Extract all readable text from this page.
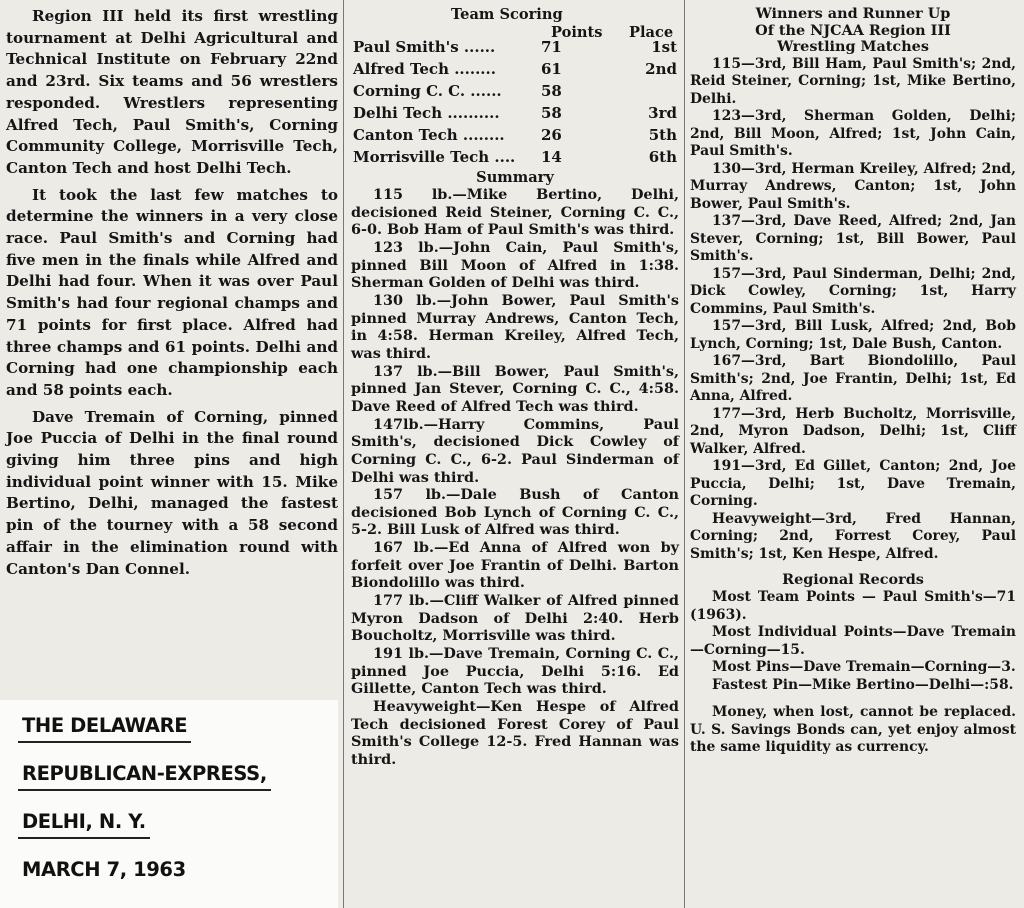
Region III held its first wrestling tournament at Delhi Agricultural and Technical Institute on February 22nd and 23rd. Six teams and 56 wrestlers responded. Wrestlers representing Alfred Tech, Paul Smith's, Corning Community College, Morrisville Tech, Canton Tech and host Delhi Tech.

It took the last few matches to determine the winners in a very close race. Paul Smith's and Corning had five men in the finals while Alfred and Delhi had four. When it was over Paul Smith's had four regional champs and 71 points for first place. Alfred had three champs and 61 points. Delhi and Corning had one championship each and 58 points each.

Dave Tremain of Corning, pinned Joe Puccia of Delhi in the final round giving him three pins and high individual point winner with 15. Mike Bertino, Delhi, managed the fastest pin of the tourney with a 58 second affair in the elimination round with Canton's Dan Connel.

THE DELAWARE
REPUBLICAN-EXPRESS,
DELHI, N. Y.
MARCH 7, 1963
Team Scoring
Points Place
Paul Smith's ......	71	1st
Alfred Tech ........	61	2nd
Corning C. C. ......	58
Delhi Tech ..........	58	3rd
Canton Tech ........ 26	5th
Morrisville Tech .... 14	6th
Summary

115 lb.—Mike Bertino, Delhi, decisioned Reid Steiner, Corning C. C., 6-0. Bob Ham of Paul Smith's was third.

123 lb.—John Cain, Paul Smith's, pinned Bill Moon of Alfred in 1:38. Sherman Golden of Delhi was third.

130 lb.—John Bower, Paul Smith's pinned Murray Andrews, Canton Tech, in 4:58. Herman Kreiley, Alfred Tech, was third.

137 lb.—Bill Bower, Paul Smith's, pinned Jan Stever, Corning C. C., 4:58. Dave Reed of Alfred Tech was third.

147lb.—Harry Commins, Paul Smith's, decisioned Dick Cowley of Corning C. C., 6-2. Paul Sinderman of Delhi was third.

157 lb.—Dale Bush of Canton decisioned Bob Lynch of Corning C. C., 5-2. Bill Lusk of Alfred was third.

167 lb.—Ed Anna of Alfred won by forfeit over Joe Frantin of Delhi. Barton Biondolillo was third.

177 lb.—Cliff Walker of Alfred pinned Myron Dadson of Delhi 2:40. Herb Boucholtz, Morrisville was third.

191 lb.—Dave Tremain, Corning C. C., pinned Joe Puccia, Delhi 5:16. Ed Gillette, Canton Tech was third.

Heavyweight—Ken Hespe of Alfred Tech decisioned Forest Corey of Paul Smith's College 12-5. Fred Hannan was third.

Winners and Runner Up
Of the NJCAA Region III
Wrestling Matches

115—3rd, Bill Ham, Paul Smith's; 2nd, Reid Steiner, Corning; 1st, Mike Bertino, Delhi.

123—3rd, Sherman Golden, Delhi; 2nd, Bill Moon, Alfred; 1st, John Cain, Paul Smith's.

130—3rd, Herman Kreiley, Alfred; 2nd, Murray Andrews, Canton; 1st, John Bower, Paul Smith's.

137—3rd, Dave Reed, Alfred; 2nd, Jan Stever, Corning; 1st, Bill Bower, Paul Smith's.

157—3rd, Paul Sinderman, Delhi; 2nd, Dick Cowley, Corning; 1st, Harry Commins, Paul Smith's.

157—3rd, Bill Lusk, Alfred; 2nd, Bob Lynch, Corning; 1st, Dale Bush, Canton.

167—3rd, Bart Biondolillo, Paul Smith's; 2nd, Joe Frantin, Delhi; 1st, Ed Anna, Alfred.

177—3rd, Herb Bucholtz, Morrisville, 2nd, Myron Dadson, Delhi; 1st, Cliff Walker, Alfred.

191—3rd, Ed Gillet, Canton; 2nd, Joe Puccia, Delhi; 1st, Dave Tremain, Corning.

Heavyweight—3rd, Fred Hannan, Corning; 2nd, Forrest Corey, Paul Smith's; 1st, Ken Hespe, Alfred.

Regional Records

Most Team Points — Paul Smith's—71 (1963).

Most Individual Points—Dave Tremain—Corning—15.

Most Pins—Dave Tremain—Corning—3.

Fastest Pin—Mike Bertino—Delhi—:58.

Money, when lost, cannot be replaced. U. S. Savings Bonds can, yet enjoy almost the same liquidity as currency.
